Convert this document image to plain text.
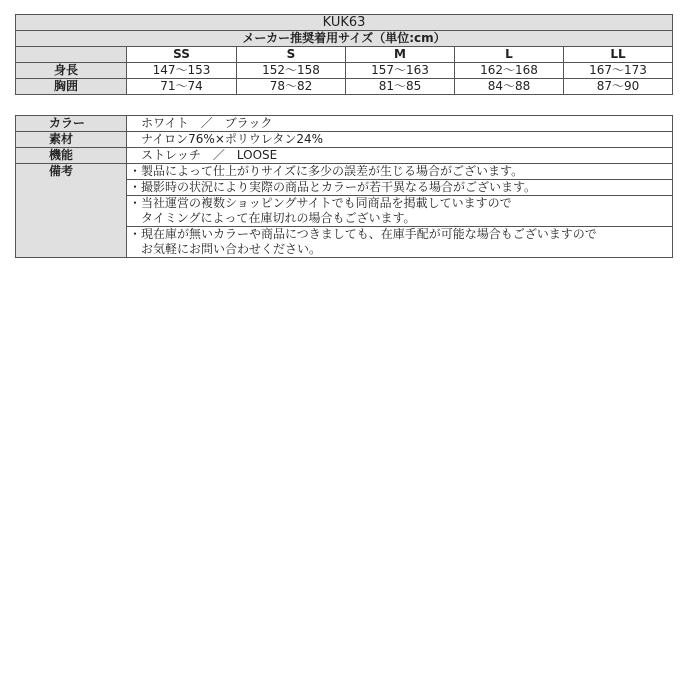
KUK63					
メーカー推奨着用サイズ（単位:cm）					
	SS	S	M	L	LL
身長	147～153	152～158	157～163	162～168	167～173
胸囲	71～74	78～82	81～85	84～88	87～90
カラー	ホワイト　／　ブラック
素材	ナイロン76%×ポリウレタン24%
機能	ストレッチ　／　LOOSE
備考	・製品によって仕上がりサイズに多少の誤差が生じる場合がございます。
	・撮影時の状況により実際の商品とカラーが若干異なる場合がございます。
	・当社運営の複数ショッピングサイトでも同商品を掲載していますので
	タイミングによって在庫切れの場合もございます。
	・現在庫が無いカラーや商品につきましても、在庫手配が可能な場合もございますので
	お気軽にお問い合わせください。
